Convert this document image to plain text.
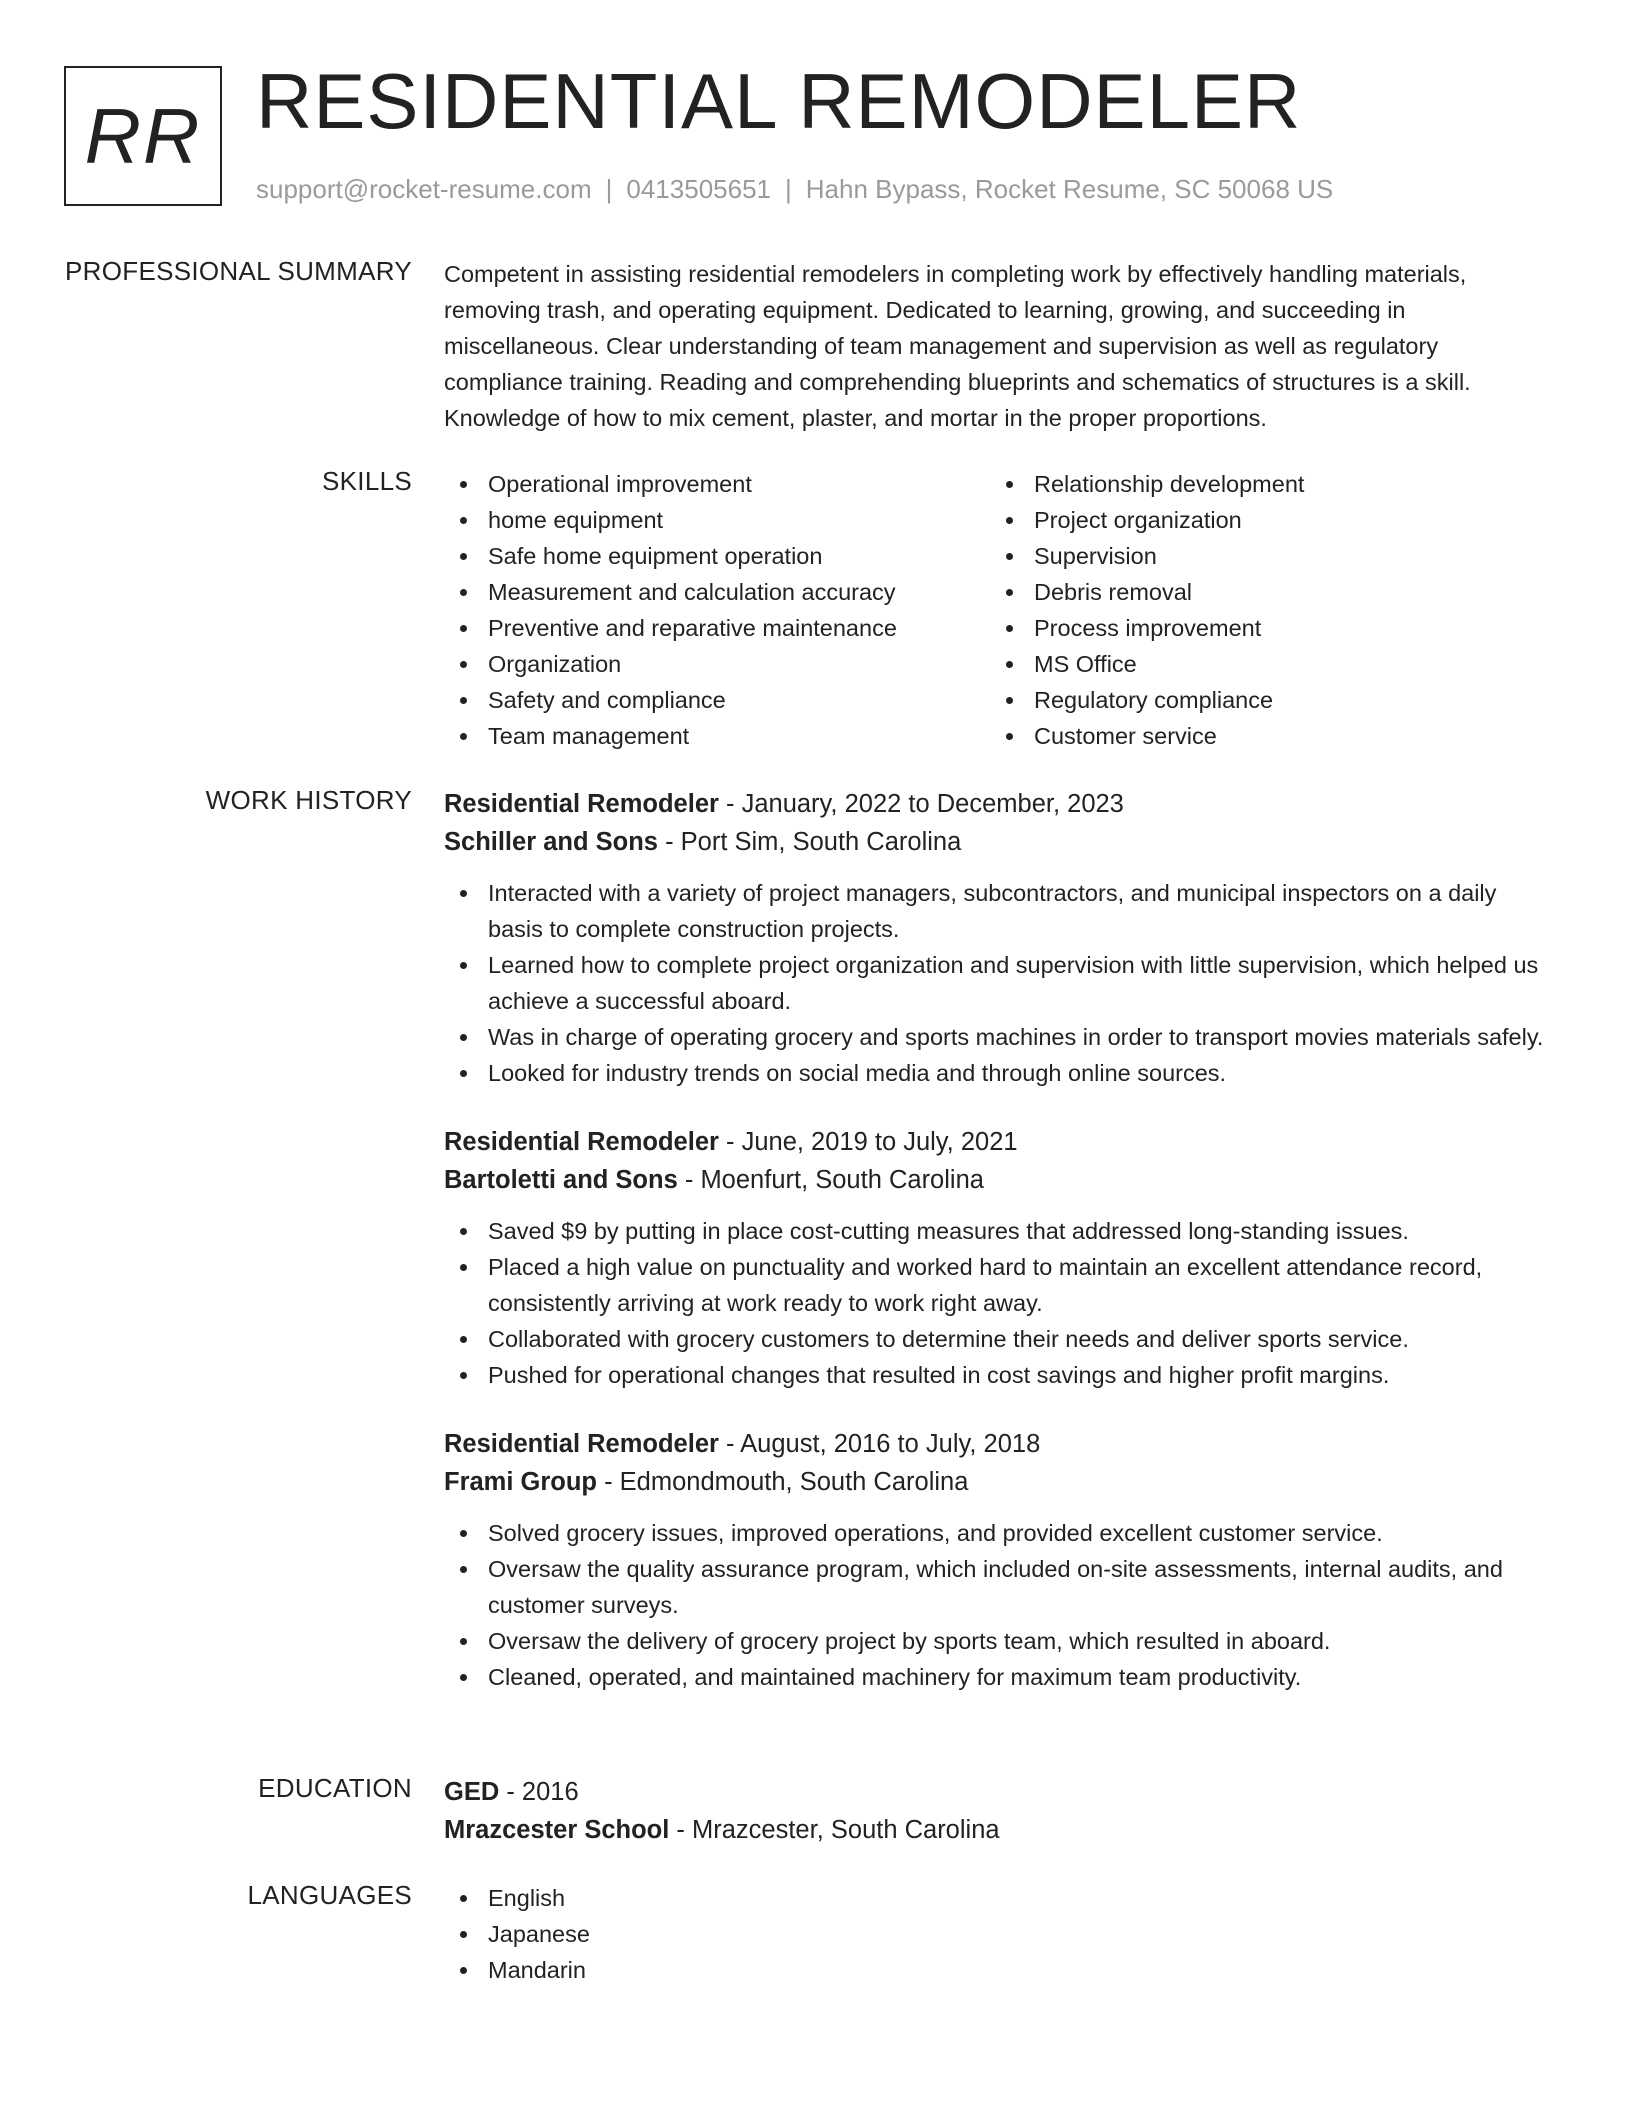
RR RESIDENTIAL REMODELER
support@rocket-resume.com | 0413505651 | Hahn Bypass, Rocket Resume, SC 50068 US
PROFESSIONAL SUMMARY Competent in assisting residential remodelers in completing work by effectively handling materials, removing trash, and operating equipment. Dedicated to learning, growing, and succeeding in miscellaneous. Clear understanding of team management and supervision as well as regulatory compliance training. Reading and comprehending blueprints and schematics of structures is a skill. Knowledge of how to mix cement, plaster, and mortar in the proper proportions.

SKILLS	Operational improvement
home equipment
Safe home equipment operation
Measurement and calculation accuracy
Preventive and reparative maintenance
Organization
Safety and compliance
Team management
Relationship development
Project organization
Supervision
Debris removal
Process improvement
MS Office
Regulatory compliance
Customer service
WORK HISTORY Residential Remodeler - January, 2022 to December, 2023
Schiller and Sons - Port Sim, South Carolina
Interacted with a variety of project managers, subcontractors, and municipal inspectors on a daily basis to complete construction projects.
Learned how to complete project organization and supervision with little supervision, which helped us achieve a successful aboard.
Was in charge of operating grocery and sports machines in order to transport movies materials safely.
Looked for industry trends on social media and through online sources.
Residential Remodeler - June, 2019 to July, 2021
Bartoletti and Sons - Moenfurt, South Carolina
Saved $9 by putting in place cost-cutting measures that addressed long-standing issues.
Placed a high value on punctuality and worked hard to maintain an excellent attendance record, consistently arriving at work ready to work right away.
Collaborated with grocery customers to determine their needs and deliver sports service.
Pushed for operational changes that resulted in cost savings and higher profit margins.
Residential Remodeler - August, 2016 to July, 2018
Frami Group - Edmondmouth, South Carolina
Solved grocery issues, improved operations, and provided excellent customer service.
Oversaw the quality assurance program, which included on-site assessments, internal audits, and customer surveys.
Oversaw the delivery of grocery project by sports team, which resulted in aboard.
Cleaned, operated, and maintained machinery for maximum team productivity.
EDUCATION GED - 2016
Mrazcester School - Mrazcester, South Carolina
LANGUAGES	English
Japanese
Mandarin
